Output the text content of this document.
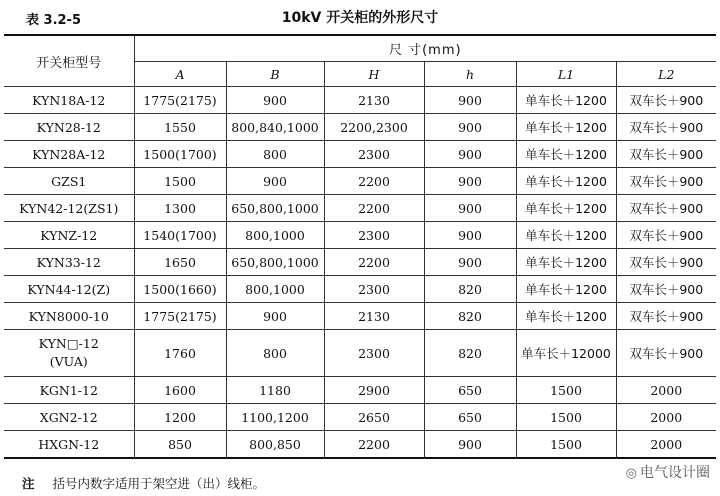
表 3.2-5	10kV 开关柜的外形尺寸
开关柜型号	尺 寸(mm)					
	A	B	H	h	L1	L2
KYN18A-12	1775(2175)	900	2130	900	单车长＋1200	双车长＋900
KYN28-12	1550	800,840,1000	2200,2300	900	单车长＋1200	双车长＋900
KYN28A-12	1500(1700)	800	2300	900	单车长＋1200	双车长＋900
GZS1	1500	900	2200	900	单车长＋1200	双车长＋900
KYN42-12(ZS1)	1300	650,800,1000	2200	900	单车长＋1200	双车长＋900
KYNZ-12	1540(1700)	800,1000	2300	900	单车长＋1200	双车长＋900
KYN33-12	1650	650,800,1000	2200	900	单车长＋1200	双车长＋900
KYN44-12(Z)	1500(1660)	800,1000	2300	820	单车长＋1200	双车长＋900
KYN8000-10	1775(2175)	900	2130	820	单车长＋1200	双车长＋900

KYN□-12
(VUA)	1760	800	2300	820	单车长＋12000	双车长＋900
KGN1-12	1600	1180	2900	650	1500	2000
XGN2-12	1200	1100,1200	2650	650	1500	2000
HXGN-12	850	800,850	2200	900	1500	2000
注 括号内数字适用于架空进（出）线柜。
◎ 电气设计圈
